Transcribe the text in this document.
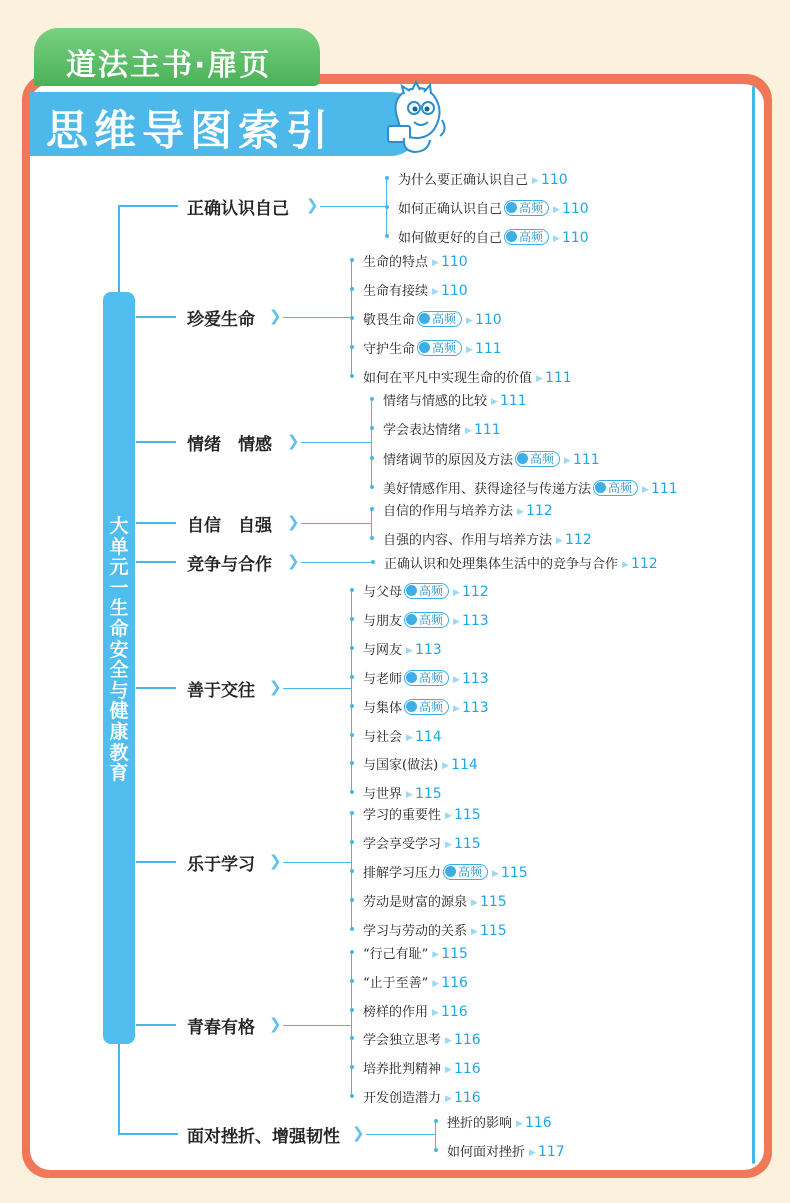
道法主书·扉页
思维导图索引
大单元一 生命安全与健康教育
正确认识自己 ❯
为什么要正确认识自己 ▶ 110
如何正确认识自己 高频 ▶ 110
如何做更好的自己 高频 ▶ 110
珍爱生命 ❯
生命的特点 ▶ 110
生命有接续 ▶ 110
敬畏生命 高频 ▶ 110
守护生命 高频 ▶ 111
如何在平凡中实现生命的价值 ▶ 111
情绪　情感 ❯
情绪与情感的比较 ▶ 111
学会表达情绪 ▶ 111
情绪调节的原因及方法 高频 ▶ 111
美好情感作用、获得途径与传递方法 高频 ▶ 111
自信　自强 ❯
自信的作用与培养方法 ▶ 112
自强的内容、作用与培养方法 ▶ 112
竞争与合作 ❯	正确认识和处理集体生活中的竞争与合作 ▶ 112
善于交往 ❯
与父母 高频 ▶ 112
与朋友 高频 ▶ 113
与网友 ▶ 113
与老师 高频 ▶ 113
与集体 高频 ▶ 113
与社会 ▶ 114
与国家(做法) ▶ 114
与世界 ▶ 115
乐于学习 ❯
学习的重要性 ▶ 115
学会享受学习 ▶ 115
排解学习压力 高频 ▶ 115
劳动是财富的源泉 ▶ 115
学习与劳动的关系 ▶ 115
青春有格 ❯
“行己有耻” ▶ 115
“止于至善” ▶ 116
榜样的作用 ▶ 116
学会独立思考 ▶ 116
培养批判精神 ▶ 116
开发创造潜力 ▶ 116
面对挫折、增强韧性 ❯
挫折的影响 ▶ 116
如何面对挫折 ▶ 117
